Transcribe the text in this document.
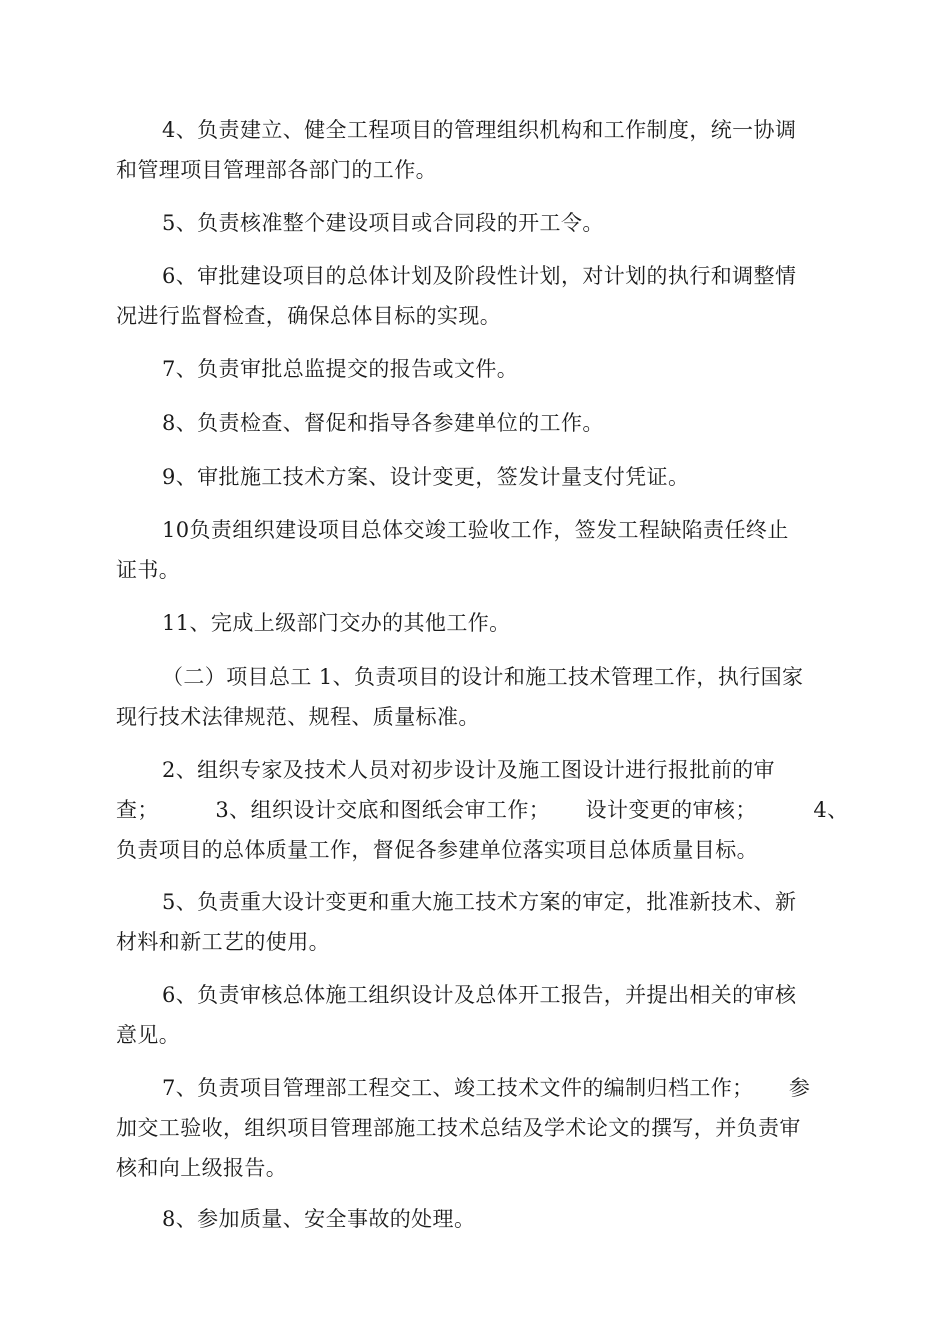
4、负责建立、健全工程项目的管理组织机构和工作制度，统一协调
和管理项目管理部各部门的工作。

5、负责核准整个建设项目或合同段的开工令。

6、审批建设项目的总体计划及阶段性计划，对计划的执行和调整情
况进行监督检查，确保总体目标的实现。

7、负责审批总监提交的报告或文件。

8、负责检查、督促和指导各参建单位的工作。

9、审批施工技术方案、设计变更，签发计量支付凭证。

10负责组织建设项目总体交竣工验收工作，签发工程缺陷责任终止
证书。

11、完成上级部门交办的其他工作。

（二）项目总工 1、负责项目的设计和施工技术管理工作，执行国家
现行技术法律规范、规程、质量标准。

2、组织专家及技术人员对初步设计及施工图设计进行报批前的审
查；        3、组织设计交底和图纸会审工作；     设计变更的审核；        4、
负责项目的总体质量工作，督促各参建单位落实项目总体质量目标。

5、负责重大设计变更和重大施工技术方案的审定，批准新技术、新
材料和新工艺的使用。

6、负责审核总体施工组织设计及总体开工报告，并提出相关的审核
意见。

7、负责项目管理部工程交工、竣工技术文件的编制归档工作；     参
加交工验收，组织项目管理部施工技术总结及学术论文的撰写，并负责审
核和向上级报告。

8、参加质量、安全事故的处理。
